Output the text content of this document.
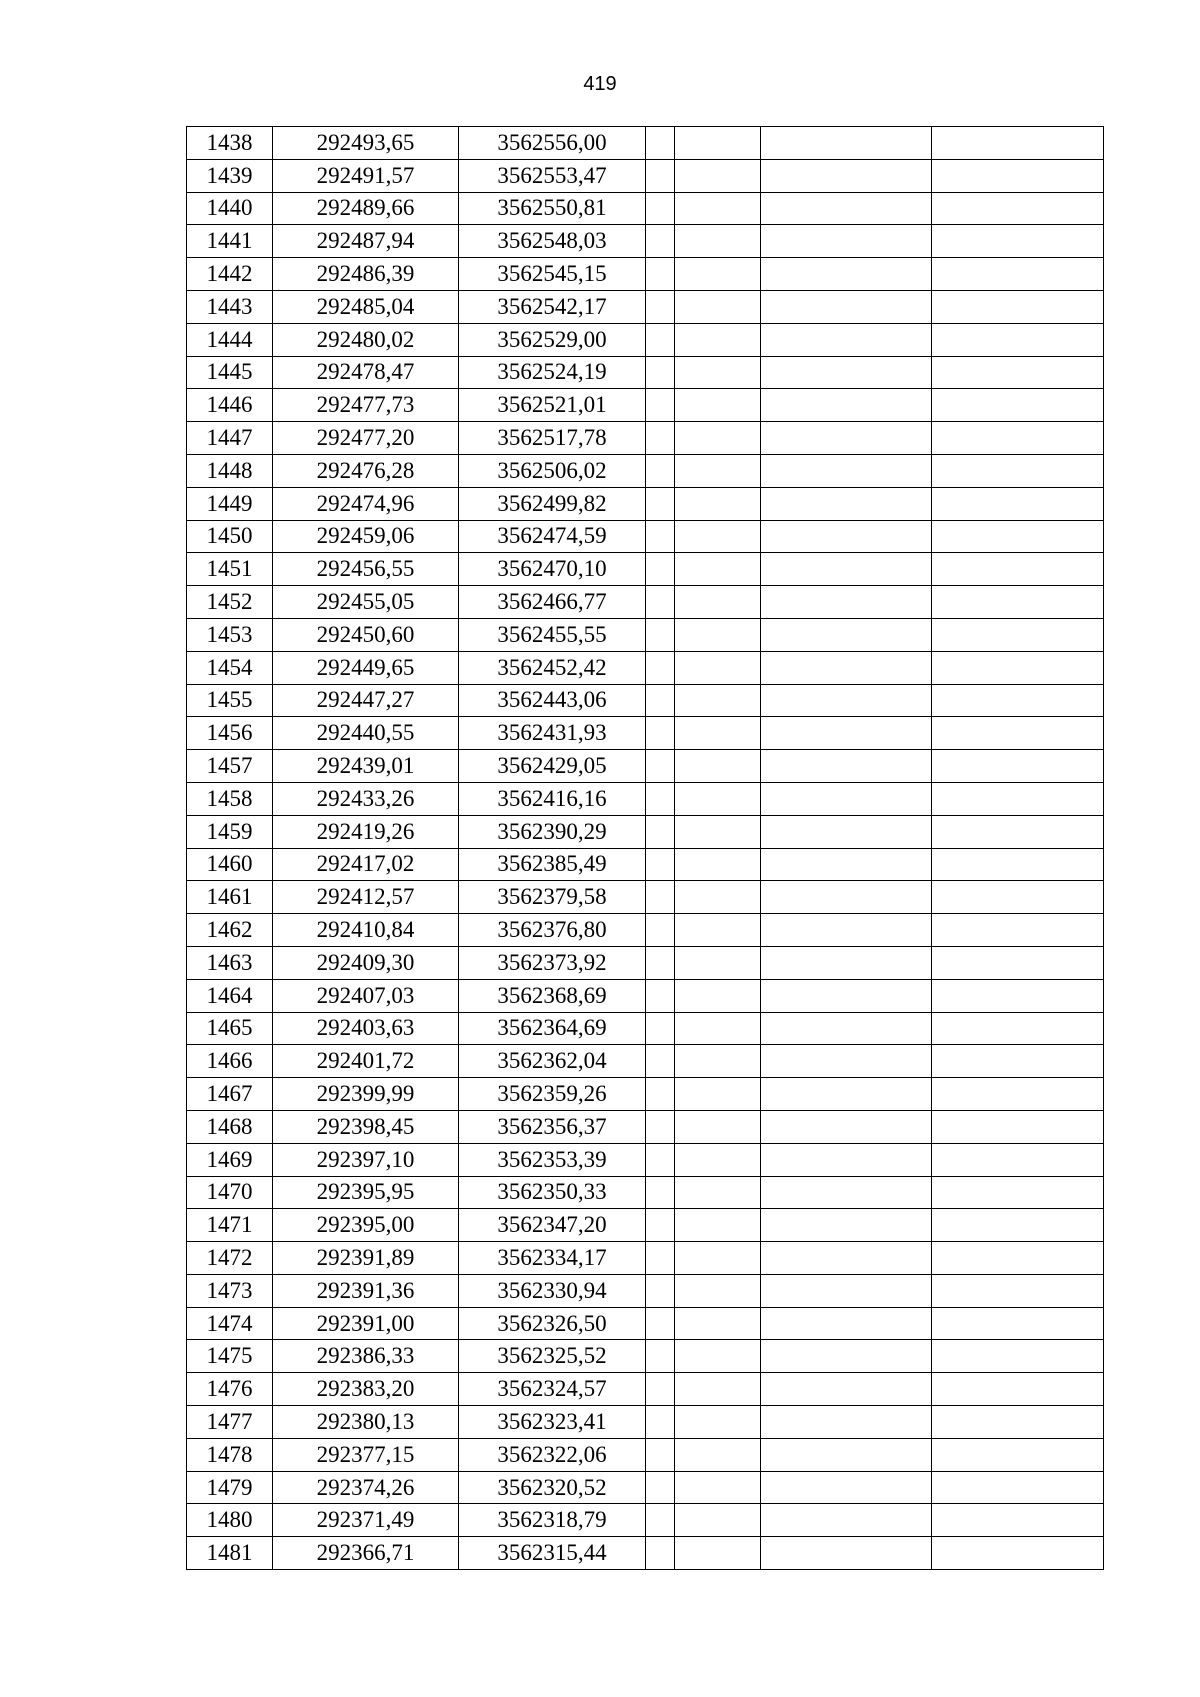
419
1438	292493,65	3562556,00				
1439	292491,57	3562553,47				
1440	292489,66	3562550,81				
1441	292487,94	3562548,03				
1442	292486,39	3562545,15				
1443	292485,04	3562542,17				
1444	292480,02	3562529,00				
1445	292478,47	3562524,19				
1446	292477,73	3562521,01				
1447	292477,20	3562517,78				
1448	292476,28	3562506,02				
1449	292474,96	3562499,82				
1450	292459,06	3562474,59				
1451	292456,55	3562470,10				
1452	292455,05	3562466,77				
1453	292450,60	3562455,55				
1454	292449,65	3562452,42				
1455	292447,27	3562443,06				
1456	292440,55	3562431,93				
1457	292439,01	3562429,05				
1458	292433,26	3562416,16				
1459	292419,26	3562390,29				
1460	292417,02	3562385,49				
1461	292412,57	3562379,58				
1462	292410,84	3562376,80				
1463	292409,30	3562373,92				
1464	292407,03	3562368,69				
1465	292403,63	3562364,69				
1466	292401,72	3562362,04				
1467	292399,99	3562359,26				
1468	292398,45	3562356,37				
1469	292397,10	3562353,39				
1470	292395,95	3562350,33				
1471	292395,00	3562347,20				
1472	292391,89	3562334,17				
1473	292391,36	3562330,94				
1474	292391,00	3562326,50				
1475	292386,33	3562325,52				
1476	292383,20	3562324,57				
1477	292380,13	3562323,41				
1478	292377,15	3562322,06				
1479	292374,26	3562320,52				
1480	292371,49	3562318,79				
1481	292366,71	3562315,44				
